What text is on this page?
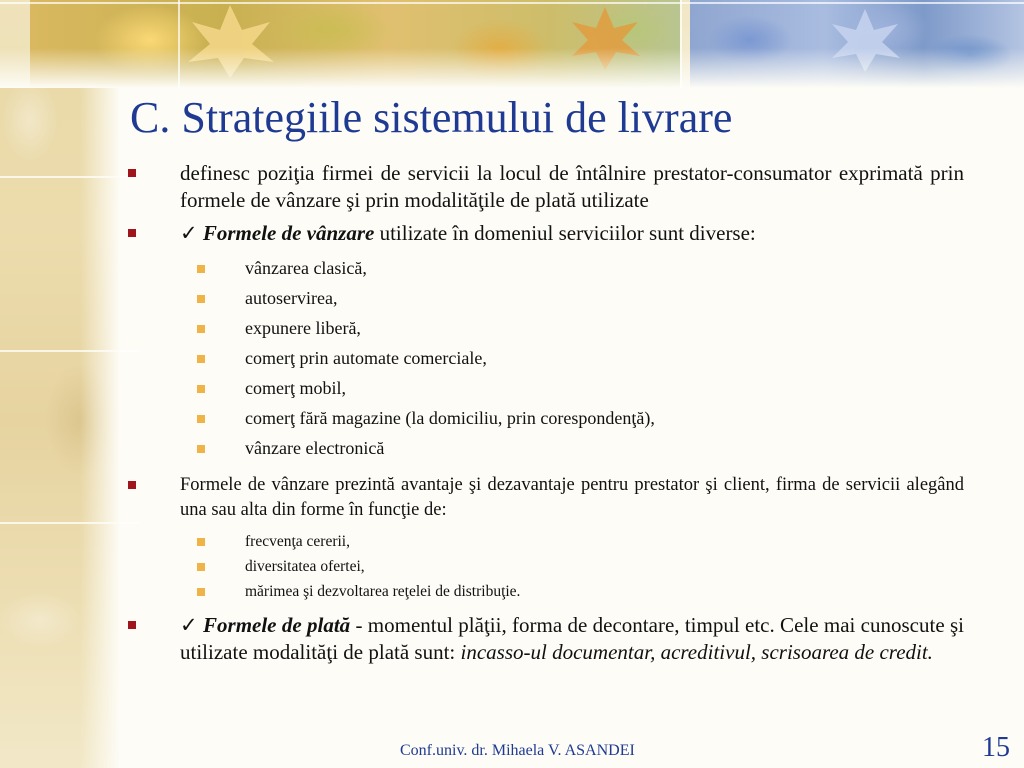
C. Strategiile sistemului de livrare
definesc poziţia firmei de servicii la locul de întâlnire prestator-consumator exprimată prin formele de vânzare şi prin modalităţile de plată utilizate
✓ Formele de vânzare utilizate în domeniul serviciilor sunt diverse:
vânzarea clasică,
autoservirea,
expunere liberă,
comerţ prin automate comerciale,
comerţ mobil,
comerţ fără magazine (la domiciliu, prin corespondenţă),
vânzare electronică
Formele de vânzare prezintă avantaje şi dezavantaje pentru prestator şi client, firma de servicii alegând una sau alta din forme în funcţie de:
frecvenţa cererii,
diversitatea ofertei,
mărimea şi dezvoltarea reţelei de distribuţie.
✓ Formele de plată - momentul plăţii, forma de decontare, timpul etc. Cele mai cunoscute şi utilizate modalităţi de plată sunt: incasso-ul documentar, acreditivul, scrisoarea de credit.
Conf.univ. dr. Mihaela V. ASANDEI	15
